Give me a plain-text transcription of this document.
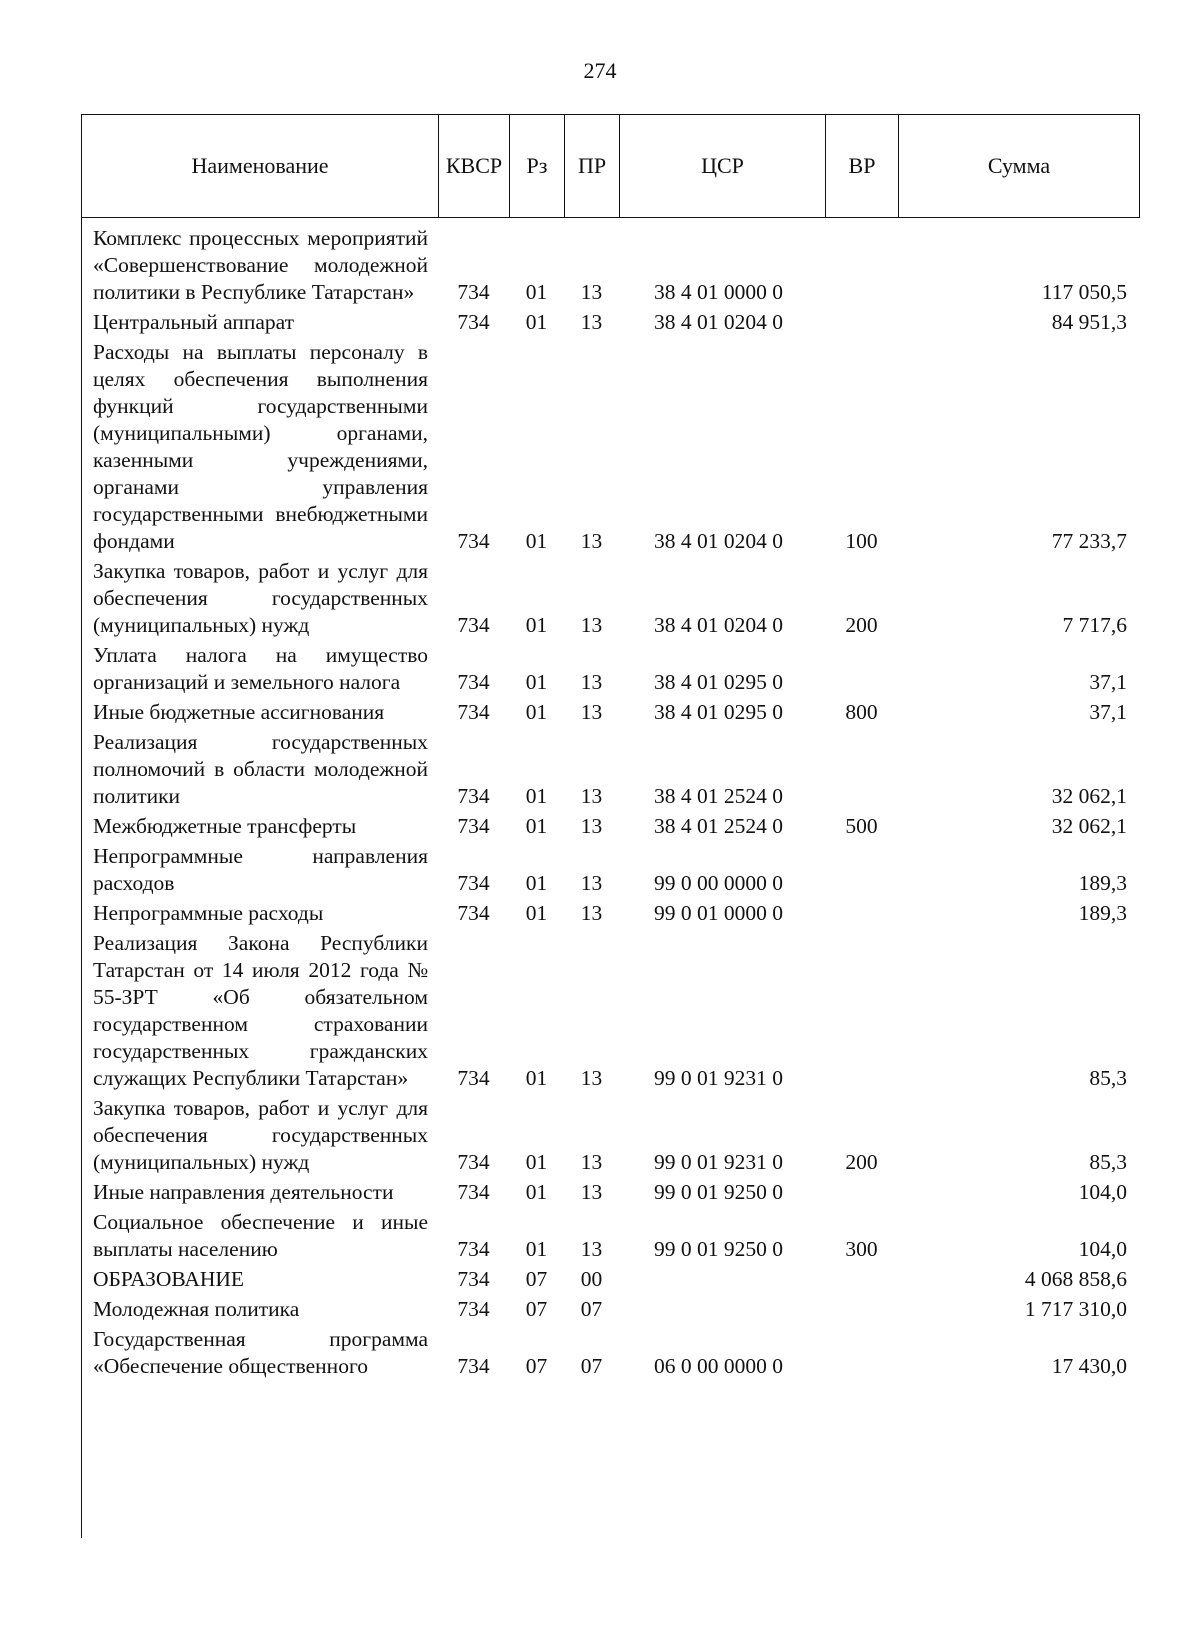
274
Наименование	КВСР	Рз	ПР	ЦСР	ВР	Сумма
Комплекс процессных мероприятий «Совершенствование молодежной политики в Республике Татарстан»	734	01	13	38 4 01 0000 0		117 050,5
Центральный аппарат	734	01	13	38 4 01 0204 0		84 951,3
Расходы на выплаты персоналу в целях обеспечения выполнения функций государственными (муниципальными) органами, казенными учреждениями, органами управления государственными внебюджетными фондами	734	01	13	38 4 01 0204 0	100	77 233,7
Закупка товаров, работ и услуг для обеспечения государственных (муниципальных) нужд	734	01	13	38 4 01 0204 0	200	7 717,6
Уплата налога на имущество организаций и земельного налога	734	01	13	38 4 01 0295 0		37,1
Иные бюджетные ассигнования	734	01	13	38 4 01 0295 0	800	37,1
Реализация государственных полномочий в области молодежной политики	734	01	13	38 4 01 2524 0		32 062,1
Межбюджетные трансферты	734	01	13	38 4 01 2524 0	500	32 062,1
Непрограммные направления расходов	734	01	13	99 0 00 0000 0		189,3
Непрограммные расходы	734	01	13	99 0 01 0000 0		189,3
Реализация Закона Республики Татарстан от 14 июля 2012 года № 55-ЗРТ «Об обязательном государственном страховании государственных гражданских служащих Республики Татарстан»	734	01	13	99 0 01 9231 0		85,3
Закупка товаров, работ и услуг для обеспечения государственных (муниципальных) нужд	734	01	13	99 0 01 9231 0	200	85,3
Иные направления деятельности	734	01	13	99 0 01 9250 0		104,0
Социальное обеспечение и иные выплаты населению	734	01	13	99 0 01 9250 0	300	104,0
ОБРАЗОВАНИЕ	734	07	00			4 068 858,6
Молодежная политика	734	07	07			1 717 310,0
Государственная программа «Обеспечение общественного	734	07	07	06 0 00 0000 0		17 430,0
